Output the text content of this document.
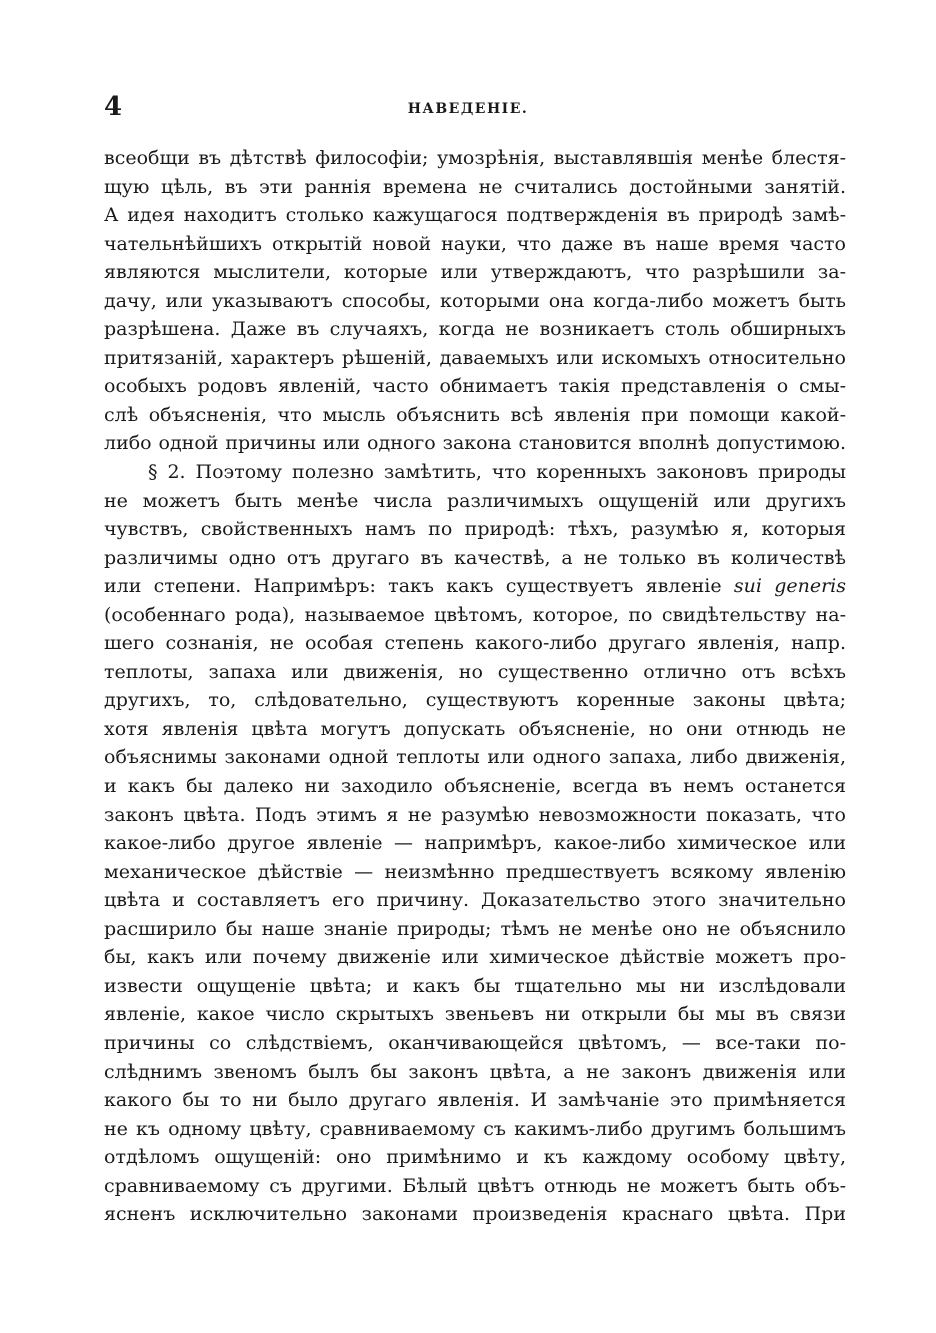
4	НАВЕДЕНІЕ.
всеобщи въ дѣтствѣ философіи; умозрѣнія, выставлявшія менѣе блестя-
щую цѣль, въ эти раннія времена не считались достойными занятій.
А идея находитъ столько кажущагося подтвержденія въ природѣ замѣ-
чательнѣйшихъ открытій новой науки, что даже въ наше время часто
являются мыслители, которые или утверждаютъ, что разрѣшили за-
дачу, или указываютъ способы, которыми она когда-либо можетъ быть
разрѣшена. Даже въ случаяхъ, когда не возникаетъ столь обширныхъ
притязаній, характеръ рѣшеній, даваемыхъ или искомыхъ относительно
особыхъ родовъ явленій, часто обнимаетъ такія представленія о смы-
слѣ объясненія, что мысль объяснить всѣ явленія при помощи какой-
либо одной причины или одного закона становится вполнѣ допустимою.
§ 2. Поэтому полезно замѣтить, что коренныхъ законовъ природы
не можетъ быть менѣе числа различимыхъ ощущеній или другихъ
чувствъ, свойственныхъ намъ по природѣ: тѣхъ, разумѣю я, которыя
различимы одно отъ другаго въ качествѣ, а не только въ количествѣ
или степени. Напримѣръ: такъ какъ существуетъ явленіе sui generis
(особеннаго рода), называемое цвѣтомъ, которое, по свидѣтельству на-
шего сознанія, не особая степень какого-либо другаго явленія, напр.
теплоты, запаха или движенія, но существенно отлично отъ всѣхъ
другихъ, то, слѣдовательно, существуютъ коренные законы цвѣта;
хотя явленія цвѣта могутъ допускать объясненіе, но они отнюдь не
объяснимы законами одной теплоты или одного запаха, либо движенія,
и какъ бы далеко ни заходило объясненіе, всегда въ немъ останется
законъ цвѣта. Подъ этимъ я не разумѣю невозможности показать, что
какое-либо другое явленіе — напримѣръ, какое-либо химическое или
механическое дѣйствіе — неизмѣнно предшествуетъ всякому явленію
цвѣта и составляетъ его причину. Доказательство этого значительно
расширило бы наше знаніе природы; тѣмъ не менѣе оно не объяснило
бы, какъ или почему движеніе или химическое дѣйствіе можетъ про-
извести ощущеніе цвѣта; и какъ бы тщательно мы ни изслѣдовали
явленіе, какое число скрытыхъ звеньевъ ни открыли бы мы въ связи
причины со слѣдствіемъ, оканчивающейся цвѣтомъ, — все-таки по-
слѣднимъ звеномъ былъ бы законъ цвѣта, а не законъ движенія или
какого бы то ни было другаго явленія. И замѣчаніе это примѣняется
не къ одному цвѣту, сравниваемому съ какимъ-либо другимъ большимъ
отдѣломъ ощущеній: оно примѣнимо и къ каждому особому цвѣту,
сравниваемому съ другими. Бѣлый цвѣтъ отнюдь не можетъ быть объ-
ясненъ исключительно законами произведенія краснаго цвѣта. При
